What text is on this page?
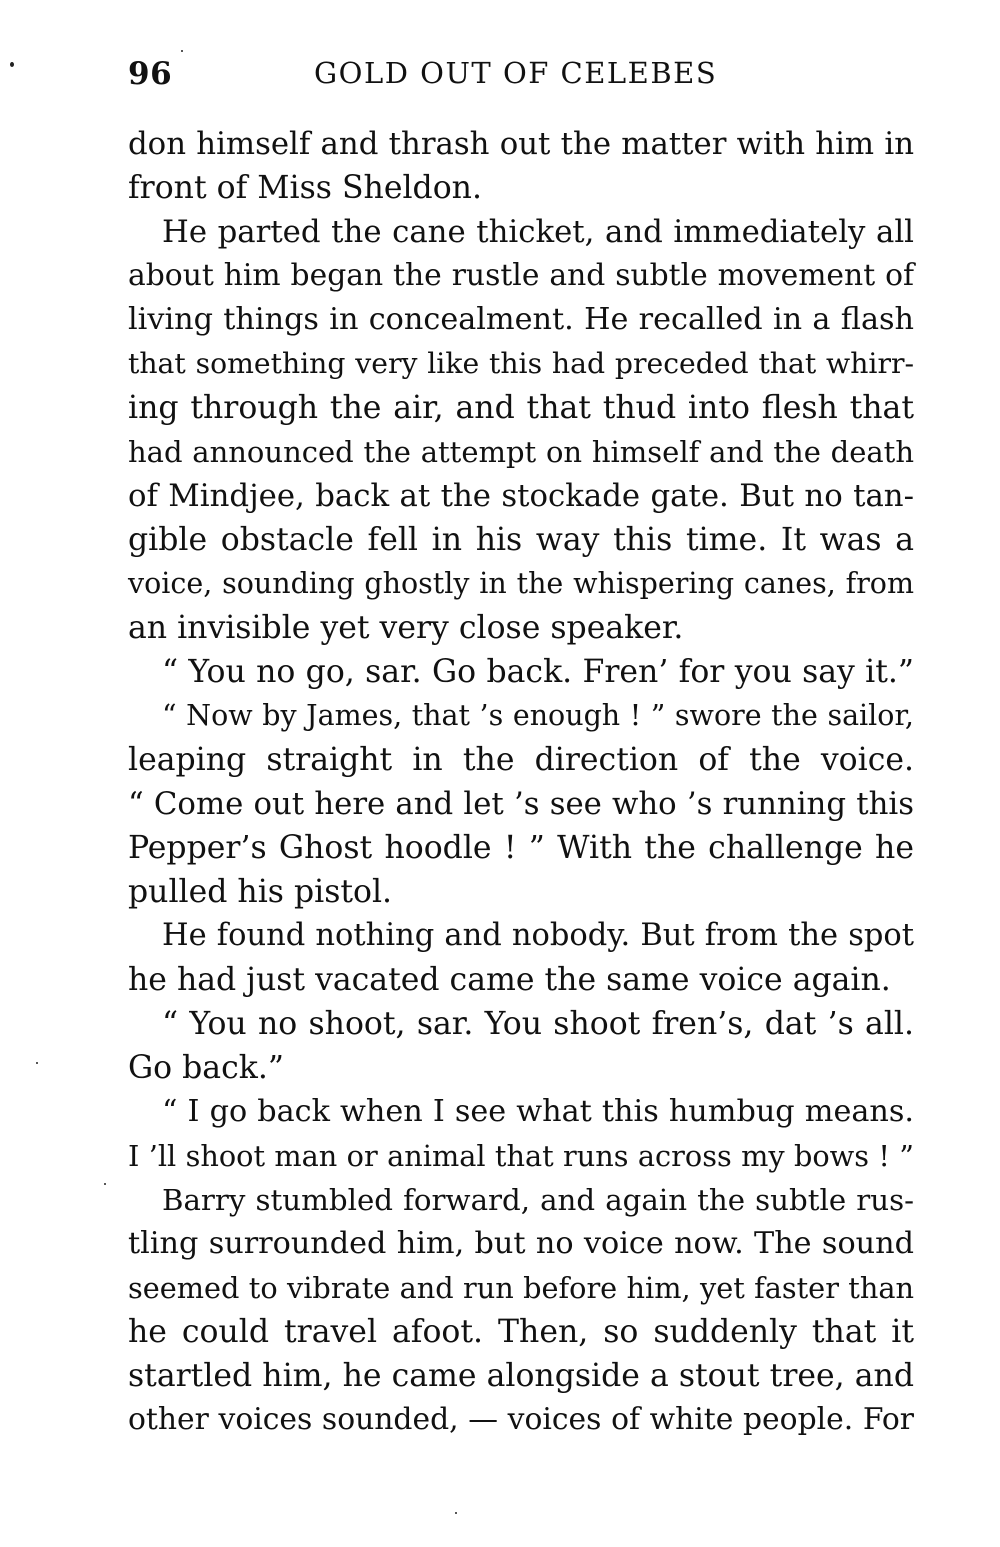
96	GOLD OUT OF CELEBES
don himself and thrash out the matter with him in
front of Miss Sheldon.
He parted the cane thicket, and immediately all
about him began the rustle and subtle movement of
living things in concealment. He recalled in a flash
that something very like this had preceded that whirr-
ing through the air, and that thud into flesh that
had announced the attempt on himself and the death
of Mindjee, back at the stockade gate. But no tan-
gible obstacle fell in his way this time. It was a
voice, sounding ghostly in the whispering canes, from
an invisible yet very close speaker.
“ You no go, sar. Go back. Fren’ for you say it.”
“ Now by James, that ’s enough ! ” swore the sailor,
leaping straight in the direction of the voice.
“ Come out here and let ’s see who ’s running this
Pepper’s Ghost hoodle ! ” With the challenge he
pulled his pistol.
He found nothing and nobody. But from the spot
he had just vacated came the same voice again.
“ You no shoot, sar. You shoot fren’s, dat ’s all.
Go back.”
“ I go back when I see what this humbug means.
I ’ll shoot man or animal that runs across my bows ! ”
Barry stumbled forward, and again the subtle rus-
tling surrounded him, but no voice now. The sound
seemed to vibrate and run before him, yet faster than
he could travel afoot. Then, so suddenly that it
startled him, he came alongside a stout tree, and
other voices sounded, — voices of white people. For
